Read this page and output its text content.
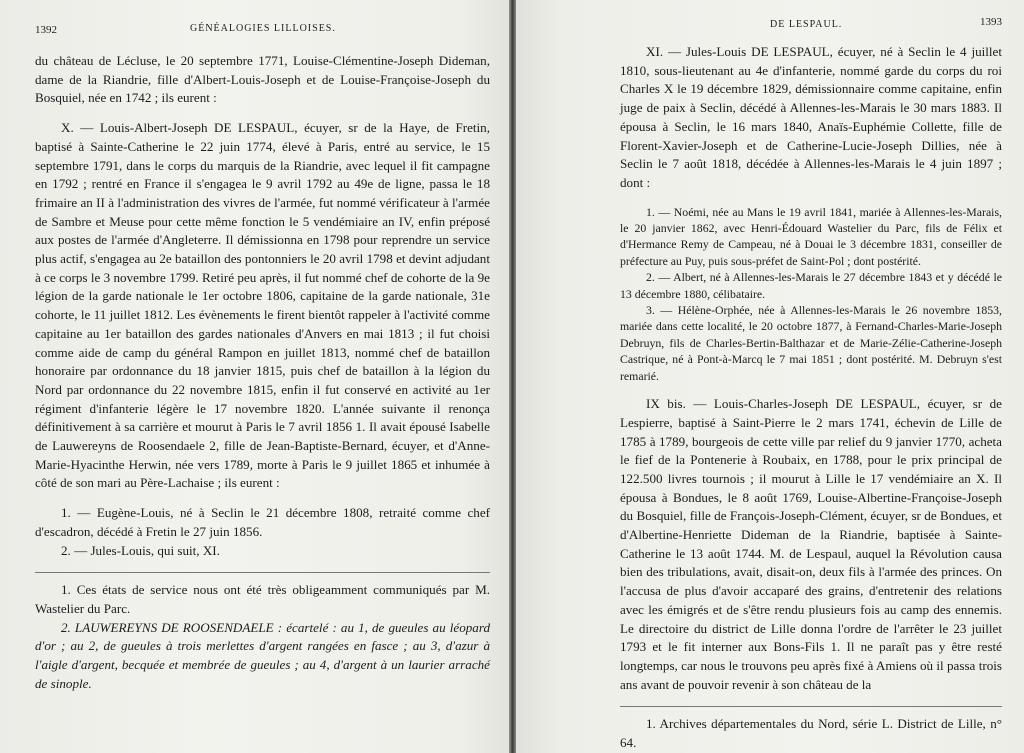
1392	GÉNÉALOGIES LILLOISES.

du château de Lécluse, le 20 septembre 1771, Louise-Clémentine-Joseph Dideman, dame de la Riandrie, fille d'Albert-Louis-Joseph et de Louise-Françoise-Joseph du Bosquiel, née en 1742 ; ils eurent :

X. — Louis-Albert-Joseph DE LESPAUL, écuyer, sr de la Haye, de Fretin, baptisé à Sainte-Catherine le 22 juin 1774, élevé à Paris, entré au service, le 15 septembre 1791, dans le corps du marquis de la Riandrie, avec lequel il fit campagne en 1792 ; rentré en France il s'engagea le 9 avril 1792 au 49e de ligne, passa le 18 frimaire an II à l'administration des vivres de l'armée, fut nommé vérificateur à l'armée de Sambre et Meuse pour cette même fonction le 5 vendémiaire an IV, enfin préposé aux postes de l'armée d'Angleterre. Il démissionna en 1798 pour reprendre un service plus actif, s'engagea au 2e bataillon des pontonniers le 20 avril 1798 et devint adjudant à ce corps le 3 novembre 1799. Retiré peu après, il fut nommé chef de cohorte de la 9e légion de la garde nationale le 1er octobre 1806, capitaine de la garde nationale, 31e cohorte, le 11 juillet 1812. Les évènements le firent bientôt rappeler à l'activité comme capitaine au 1er bataillon des gardes nationales d'Anvers en mai 1813 ; il fut choisi comme aide de camp du général Rampon en juillet 1813, nommé chef de bataillon honoraire par ordonnance du 18 janvier 1815, puis chef de bataillon à la légion du Nord par ordonnance du 22 novembre 1815, enfin il fut conservé en activité au 1er régiment d'infanterie légère le 17 novembre 1820. L'année suivante il renonça définitivement à sa carrière et mourut à Paris le 7 avril 1856 1. Il avait épousé Isabelle de Lauwereyns de Roosendaele 2, fille de Jean-Baptiste-Bernard, écuyer, et d'Anne-Marie-Hyacinthe Herwin, née vers 1789, morte à Paris le 9 juillet 1865 et inhumée à côté de son mari au Père-Lachaise ; ils eurent :

1. — Eugène-Louis, né à Seclin le 21 décembre 1808, retraité comme chef d'escadron, décédé à Fretin le 27 juin 1856.

2. — Jules-Louis, qui suit, XI.

1. Ces états de service nous ont été très obligeamment communiqués par M. Wastelier du Parc.

2. LAUWEREYNS DE ROOSENDAELE : écartelé : au 1, de gueules au léopard d'or ; au 2, de gueules à trois merlettes d'argent rangées en fasce ; au 3, d'azur à l'aigle d'argent, becquée et membrée de gueules ; au 4, d'argent à un laurier arraché de sinople.

DE LESPAUL.	1393

XI. — Jules-Louis DE LESPAUL, écuyer, né à Seclin le 4 juillet 1810, sous-lieutenant au 4e d'infanterie, nommé garde du corps du roi Charles X le 19 décembre 1829, démissionnaire comme capitaine, enfin juge de paix à Seclin, décédé à Allennes-les-Marais le 30 mars 1883. Il épousa à Seclin, le 16 mars 1840, Anaïs-Euphémie Collette, fille de Florent-Xavier-Joseph et de Catherine-Lucie-Joseph Dillies, née à Seclin le 7 août 1818, décédée à Allennes-les-Marais le 4 juin 1897 ; dont :

1. — Noémi, née au Mans le 19 avril 1841, mariée à Allennes-les-Marais, le 20 janvier 1862, avec Henri-Édouard Wastelier du Parc, fils de Félix et d'Hermance Remy de Campeau, né à Douai le 3 décembre 1831, conseiller de préfecture au Puy, puis sous-préfet de Saint-Pol ; dont postérité.

2. — Albert, né à Allennes-les-Marais le 27 décembre 1843 et y décédé le 13 décembre 1880, célibataire.

3. — Hélène-Orphée, née à Allennes-les-Marais le 26 novembre 1853, mariée dans cette localité, le 20 octobre 1877, à Fernand-Charles-Marie-Joseph Debruyn, fils de Charles-Bertin-Balthazar et de Marie-Zélie-Catherine-Joseph Castrique, né à Pont-à-Marcq le 7 mai 1851 ; dont postérité. M. Debruyn s'est remarié.

IX bis. — Louis-Charles-Joseph DE LESPAUL, écuyer, sr de Lespierre, baptisé à Saint-Pierre le 2 mars 1741, échevin de Lille de 1785 à 1789, bourgeois de cette ville par relief du 9 janvier 1770, acheta le fief de la Pontenerie à Roubaix, en 1788, pour le prix principal de 122.500 livres tournois ; il mourut à Lille le 17 vendémiaire an X. Il épousa à Bondues, le 8 août 1769, Louise-Albertine-Françoise-Joseph du Bosquiel, fille de François-Joseph-Clément, écuyer, sr de Bondues, et d'Albertine-Henriette Dideman de la Riandrie, baptisée à Sainte-Catherine le 13 août 1744. M. de Lespaul, auquel la Révolution causa bien des tribulations, avait, disait-on, deux fils à l'armée des princes. On l'accusa de plus d'avoir accaparé des grains, d'entretenir des relations avec les émigrés et de s'être rendu plusieurs fois au camp des ennemis. Le directoire du district de Lille donna l'ordre de l'arrêter le 23 juillet 1793 et le fit interner aux Bons-Fils 1. Il ne paraît pas y être resté longtemps, car nous le trouvons peu après fixé à Amiens où il passa trois ans avant de pouvoir revenir à son château de la

1. Archives départementales du Nord, série L. District de Lille, n° 64.
